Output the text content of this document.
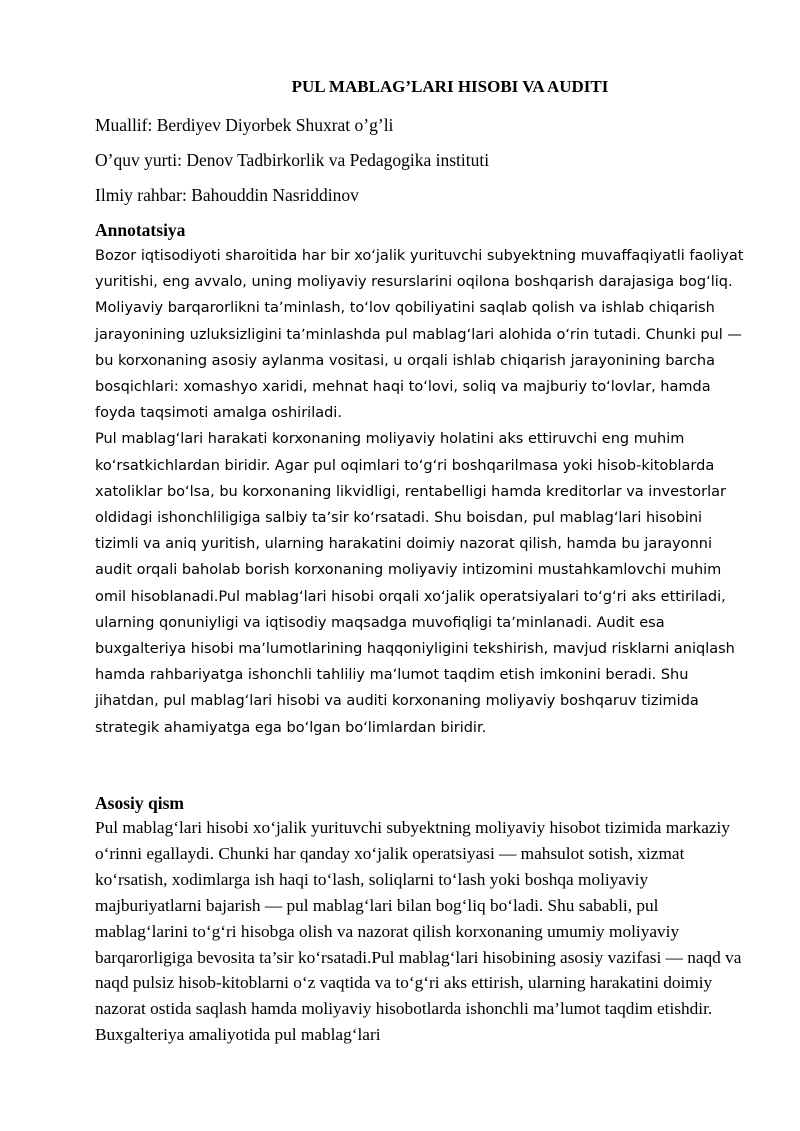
PUL MABLAG’LARI HISOBI VA AUDITI

Muallif: Berdiyev Diyorbek Shuxrat o’g’li

O’quv yurti: Denov Tadbirkorlik va Pedagogika instituti

Ilmiy rahbar: Bahouddin Nasriddinov

Annotatsiya

Bozor iqtisodiyoti sharoitida har bir xoʻjalik yurituvchi subyektning muvaffaqiyatli faoliyat yuritishi, eng avvalo, uning moliyaviy resurslarini oqilona boshqarish darajasiga bogʻliq. Moliyaviy barqarorlikni taʼminlash, toʻlov qobiliyatini saqlab qolish va ishlab chiqarish jarayonining uzluksizligini taʼminlashda pul mablagʻlari alohida oʻrin tutadi. Chunki pul — bu korxonaning asosiy aylanma vositasi, u orqali ishlab chiqarish jarayonining barcha bosqichlari: xomashyo xaridi, mehnat haqi toʻlovi, soliq va majburiy toʻlovlar, hamda foyda taqsimoti amalga oshiriladi.

Pul mablagʻlari harakati korxonaning moliyaviy holatini aks ettiruvchi eng muhim koʻrsatkichlardan biridir. Agar pul oqimlari toʻgʻri boshqarilmasa yoki hisob-kitoblarda xatoliklar boʻlsa, bu korxonaning likvidligi, rentabelligi hamda kreditorlar va investorlar oldidagi ishonchliligiga salbiy taʼsir koʻrsatadi. Shu boisdan, pul mablagʻlari hisobini tizimli va aniq yuritish, ularning harakatini doimiy nazorat qilish, hamda bu jarayonni audit orqali baholab borish korxonaning moliyaviy intizomini mustahkamlovchi muhim omil hisoblanadi.Pul mablagʻlari hisobi orqali xoʻjalik operatsiyalari toʻgʻri aks ettiriladi, ularning qonuniyligi va iqtisodiy maqsadga muvofiqligi taʼminlanadi. Audit esa buxgalteriya hisobi maʼlumotlarining haqqoniyligini tekshirish, mavjud risklarni aniqlash hamda rahbariyatga ishonchli tahliliy maʼlumot taqdim etish imkonini beradi. Shu jihatdan, pul mablagʻlari hisobi va auditi korxonaning moliyaviy boshqaruv tizimida strategik ahamiyatga ega boʻlgan boʻlimlardan biridir.

Asosiy qism

Pul mablag‘lari hisobi xo‘jalik yurituvchi subyektning moliyaviy hisobot tizimida markaziy o‘rinni egallaydi. Chunki har qanday xo‘jalik operatsiyasi — mahsulot sotish, xizmat ko‘rsatish, xodimlarga ish haqi to‘lash, soliqlarni to‘lash yoki boshqa moliyaviy majburiyatlarni bajarish — pul mablag‘lari bilan bog‘liq bo‘ladi. Shu sababli, pul mablag‘larini to‘g‘ri hisobga olish va nazorat qilish korxonaning umumiy moliyaviy barqarorligiga bevosita ta’sir ko‘rsatadi.Pul mablag‘lari hisobining asosiy vazifasi — naqd va naqd pulsiz hisob-kitoblarni o‘z vaqtida va to‘g‘ri aks ettirish, ularning harakatini doimiy nazorat ostida saqlash hamda moliyaviy hisobotlarda ishonchli ma’lumot taqdim etishdir. Buxgalteriya amaliyotida pul mablag‘lari
